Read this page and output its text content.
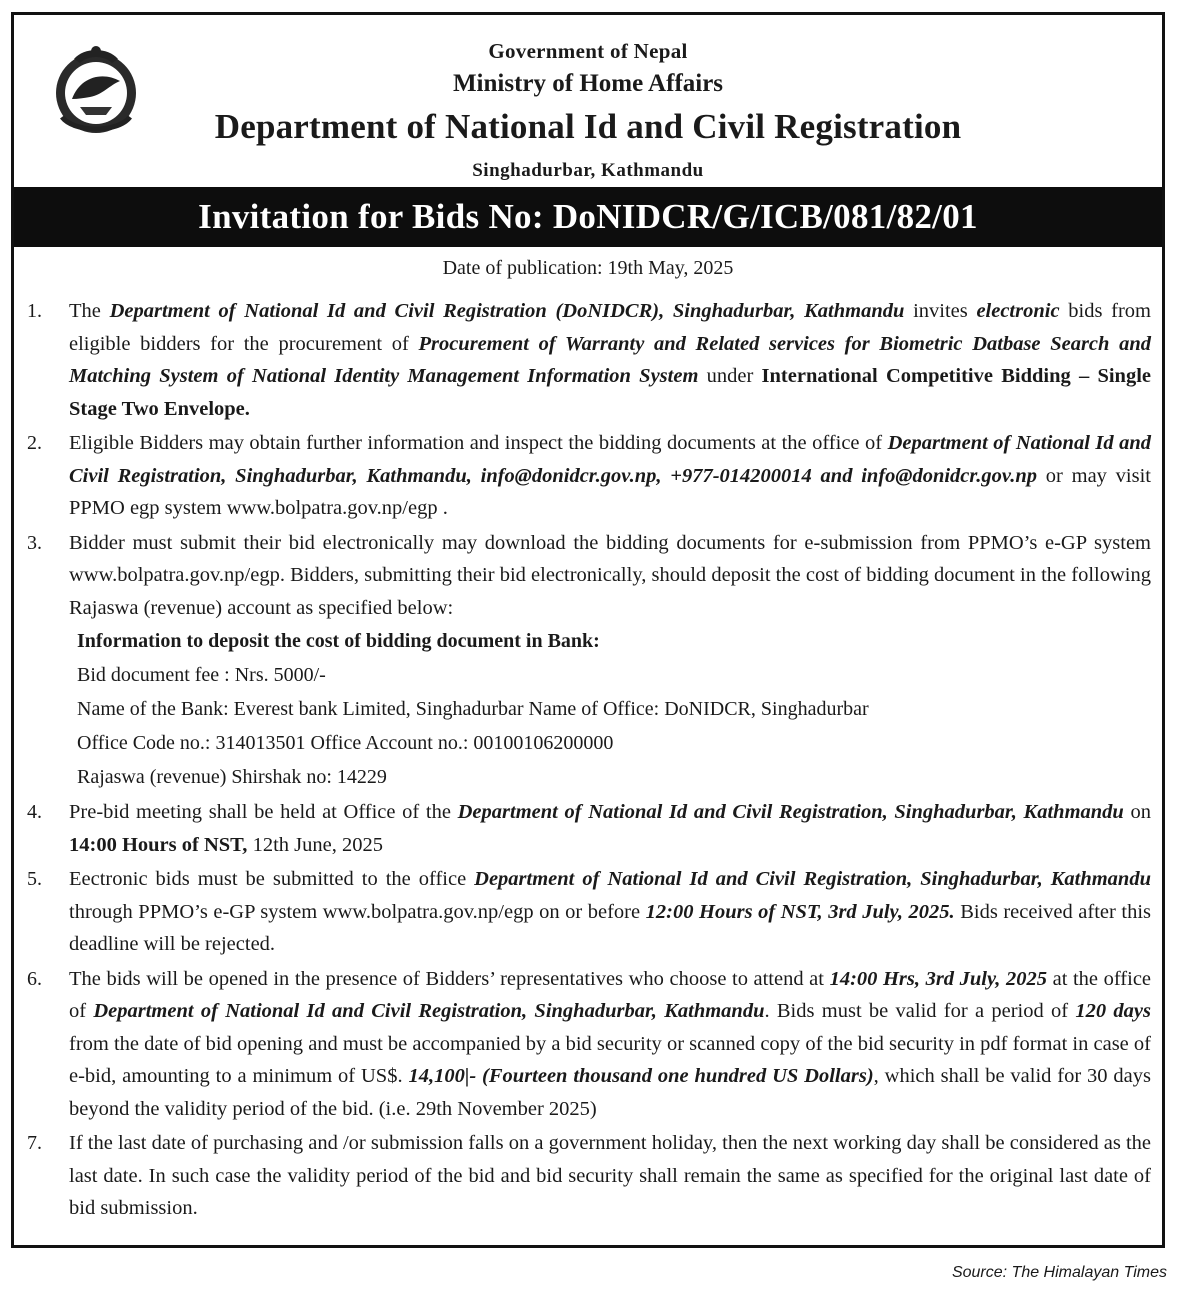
Government of Nepal
Ministry of Home Affairs
Department of National Id and Civil Registration
Singhadurbar, Kathmandu
Invitation for Bids No: DoNIDCR/G/ICB/081/82/01
Date of publication: 19th May, 2025
1. The Department of National Id and Civil Registration (DoNIDCR), Singhadurbar, Kathmandu invites electronic bids from eligible bidders for the procurement of Procurement of Warranty and Related services for Biometric Datbase Search and Matching System of National Identity Management Information System under International Competitive Bidding – Single Stage Two Envelope.

2. Eligible Bidders may obtain further information and inspect the bidding documents at the office of Department of National Id and Civil Registration, Singhadurbar, Kathmandu, info@donidcr.gov.np, +977-014200014 and info@donidcr.gov.np or may visit PPMO egp system www.bolpatra.gov.np/egp .

3. Bidder must submit their bid electronically may download the bidding documents for e-submission from PPMO’s e-GP system www.bolpatra.gov.np/egp. Bidders, submitting their bid electronically, should deposit the cost of bidding document in the following Rajaswa (revenue) account as specified below:

Information to deposit the cost of bidding document in Bank:
Bid document fee : Nrs. 5000/-
Name of the Bank: Everest bank Limited, Singhadurbar Name of Office: DoNIDCR, Singhadurbar
Office Code no.: 314013501 Office Account no.: 00100106200000
Rajaswa (revenue) Shirshak no: 14229
4. Pre-bid meeting shall be held at Office of the Department of National Id and Civil Registration, Singhadurbar, Kathmandu on 14:00 Hours of NST, 12th June, 2025

5. Eectronic bids must be submitted to the office Department of National Id and Civil Registration, Singhadurbar, Kathmandu through PPMO’s e-GP system www.bolpatra.gov.np/egp on or before 12:00 Hours of NST, 3rd July, 2025. Bids received after this deadline will be rejected.

6. The bids will be opened in the presence of Bidders’ representatives who choose to attend at 14:00 Hrs, 3rd July, 2025 at the office of Department of National Id and Civil Registration, Singhadurbar, Kathmandu. Bids must be valid for a period of 120 days from the date of bid opening and must be accompanied by a bid security or scanned copy of the bid security in pdf format in case of e-bid, amounting to a minimum of US$. 14,100|- (Fourteen thousand one hundred US Dollars), which shall be valid for 30 days beyond the validity period of the bid. (i.e. 29th November 2025)

7. If the last date of purchasing and /or submission falls on a government holiday, then the next working day shall be considered as the last date. In such case the validity period of the bid and bid security shall remain the same as specified for the original last date of bid submission.

Source: The Himalayan Times
